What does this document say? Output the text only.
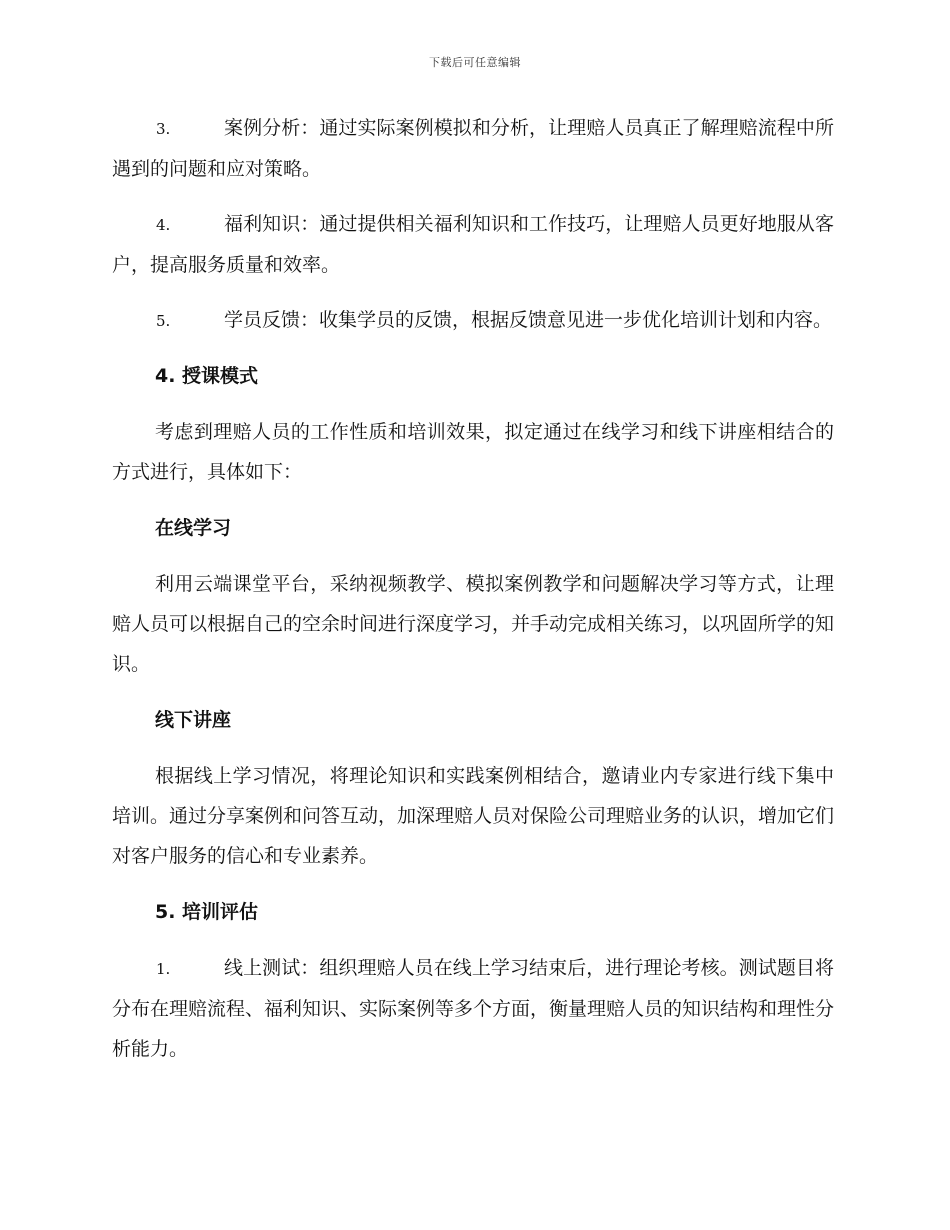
下载后可任意编辑

3.	案例分析：通过实际案例模拟和分析，让理赔人员真正了解理赔流程中所遇到的问题和应对策略。

4.	福利知识：通过提供相关福利知识和工作技巧，让理赔人员更好地服从客户，提高服务质量和效率。

5.	学员反馈：收集学员的反馈，根据反馈意见进一步优化培训计划和内容。

4. 授课模式

考虑到理赔人员的工作性质和培训效果，拟定通过在线学习和线下讲座相结合的方式进行，具体如下：

在线学习

利用云端课堂平台，采纳视频教学、模拟案例教学和问题解决学习等方式，让理赔人员可以根据自己的空余时间进行深度学习，并手动完成相关练习，以巩固所学的知识。

线下讲座

根据线上学习情况，将理论知识和实践案例相结合，邀请业内专家进行线下集中培训。通过分享案例和问答互动，加深理赔人员对保险公司理赔业务的认识，增加它们对客户服务的信心和专业素养。

5. 培训评估

1.	线上测试：组织理赔人员在线上学习结束后，进行理论考核。测试题目将分布在理赔流程、福利知识、实际案例等多个方面，衡量理赔人员的知识结构和理性分析能力。
